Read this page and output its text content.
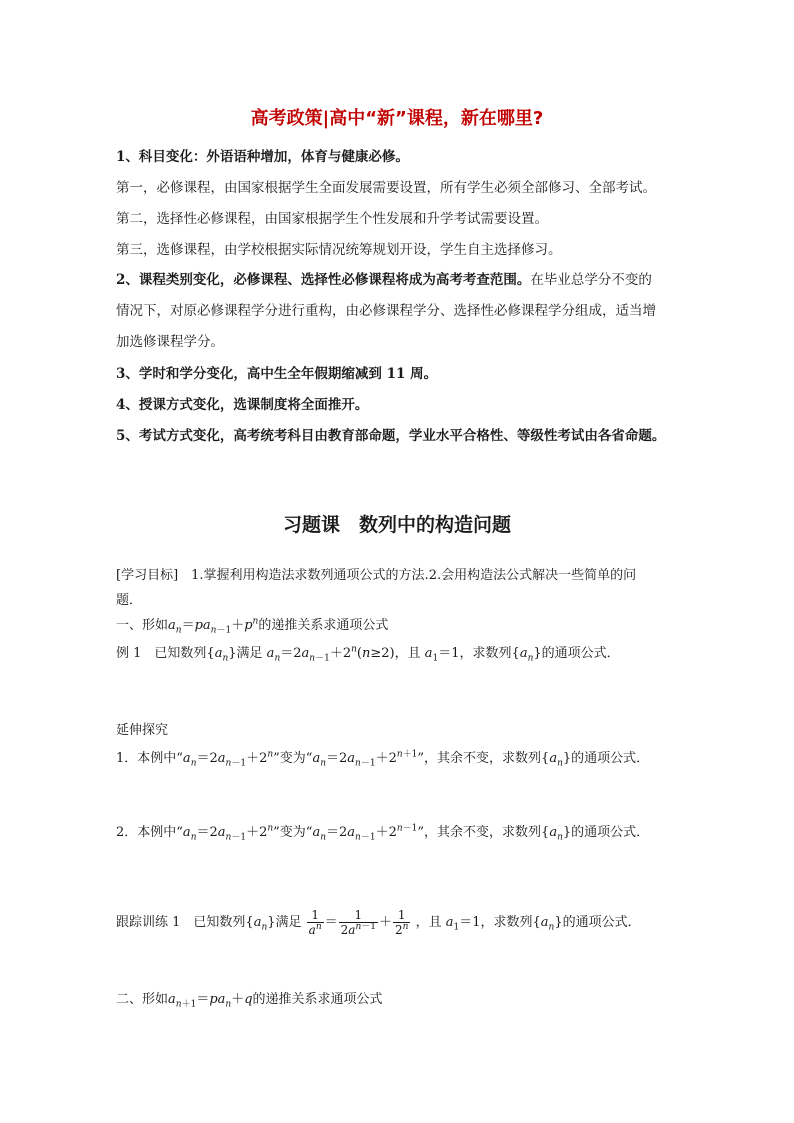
高考政策|高中“新”课程，新在哪里?
1、科目变化：外语语种增加，体育与健康必修。
第一，必修课程，由国家根据学生全面发展需要设置，所有学生必须全部修习、全部考试。
第二，选择性必修课程，由国家根据学生个性发展和升学考试需要设置。
第三，选修课程，由学校根据实际情况统筹规划开设，学生自主选择修习。
2、课程类别变化，必修课程、选择性必修课程将成为高考考查范围。在毕业总学分不变的
情况下，对原必修课程学分进行重构，由必修课程学分、选择性必修课程学分组成，适当增
加选修课程学分。
3、学时和学分变化，高中生全年假期缩减到 11 周。
4、授课方式变化，选课制度将全面推开。
5、考试方式变化，高考统考科目由教育部命题，学业水平合格性、等级性考试由各省命题。
习题课　数列中的构造问题
[学习目标]　1.掌握利用构造法求数列通项公式的方法.2.会用构造法公式解决一些简单的问
题．
一、形如$a_n=pa_{n-1}+p^n$的递推关系求通项公式
例 1　已知数列$\{a_n\}$满足 $a_n=2a_{n-1}+2^n(n\ge 2)$，且 $a_1=1$，求数列$\{a_n\}$的通项公式．
延伸探究
1．本例中“$a_n=2a_{n-1}+2^n$”变为“$a_n=2a_{n-1}+2^{n+1}$”，其余不变，求数列$\{a_n\}$的通项公式．
2．本例中“$a_n=2a_{n-1}+2^n$”变为“$a_n=2a_{n-1}+2^{n-1}$”，其余不变，求数列$\{a_n\}$的通项公式．
跟踪训练 1　已知数列$\{a_n\}$满足 $\frac{1}{a^n} = \frac{1}{2a^{n-1}} + \frac{1}{2^n}$ ，且 $a_1=1$，求数列$\{a_n\}$的通项公式．
二、形如$a_{n+1}=pa_n+q$的递推关系求通项公式
